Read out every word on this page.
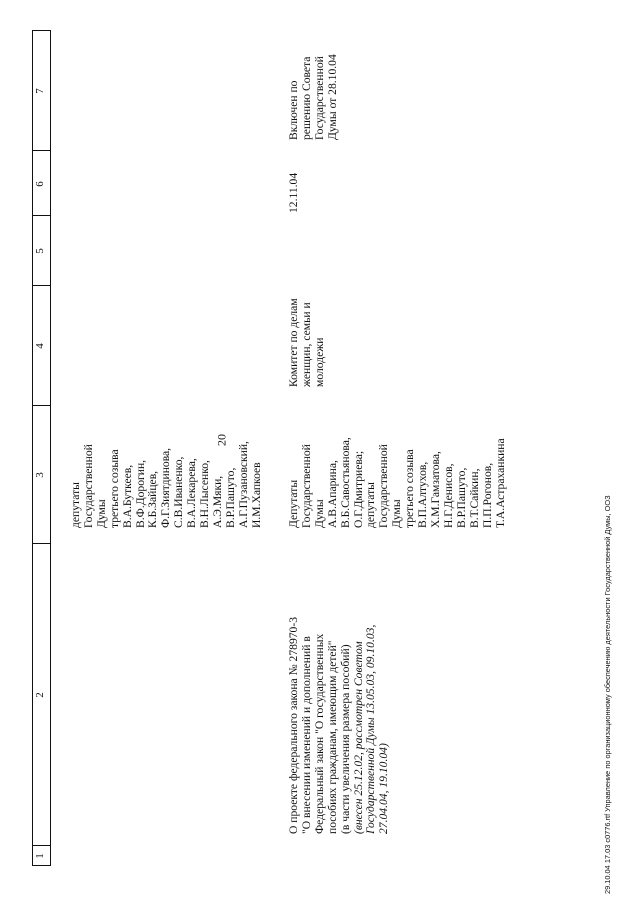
20
1
2
3
4
5
6
7
депутаты Государственной Думы третьего созыва В.А.Буткеев, В.Ф.Дорогин, К.Б.Зайцев, Ф.Г.Зиятдинова, С.В.Иваненко, В.А.Лекарева, В.Н.Лысенко, А.Э.Мяки, В.Р.Пашуто, А.Г.Пузановский, И.М.Хапкоев
О проекте федерального закона № 278970-3 "О внесении изменений и дополнений в Федеральный закон "О государственных пособиях гражданам, имеющим детей" (в части увеличения размера пособий) (внесен 25.12.02, рассмотрен Советом Государственной Думы 13.05.03, 09.10.03, 27.04.04, 19.10.04)
Депутаты Государственной Думы А.В.Апарина, В.Б.Савостьянова, О.Г.Дмитриева; депутаты Государственной Думы третьего созыва В.П.Алтухов, Х.М.Гамзатова, Н.Г.Денисов, В.Р.Пашуто, В.Т.Сайкин, П.П.Рогонов, Т.А.Астраханкина
Комитет по делам женщин, семьи и молодежи
12.11.04
Включен по решению Совета Государственной Думы от 28.10.04
29.10.04 17.03 c0776.rtf Управление по организационному обеспечению деятельности Государственной Думы, ООЗ
